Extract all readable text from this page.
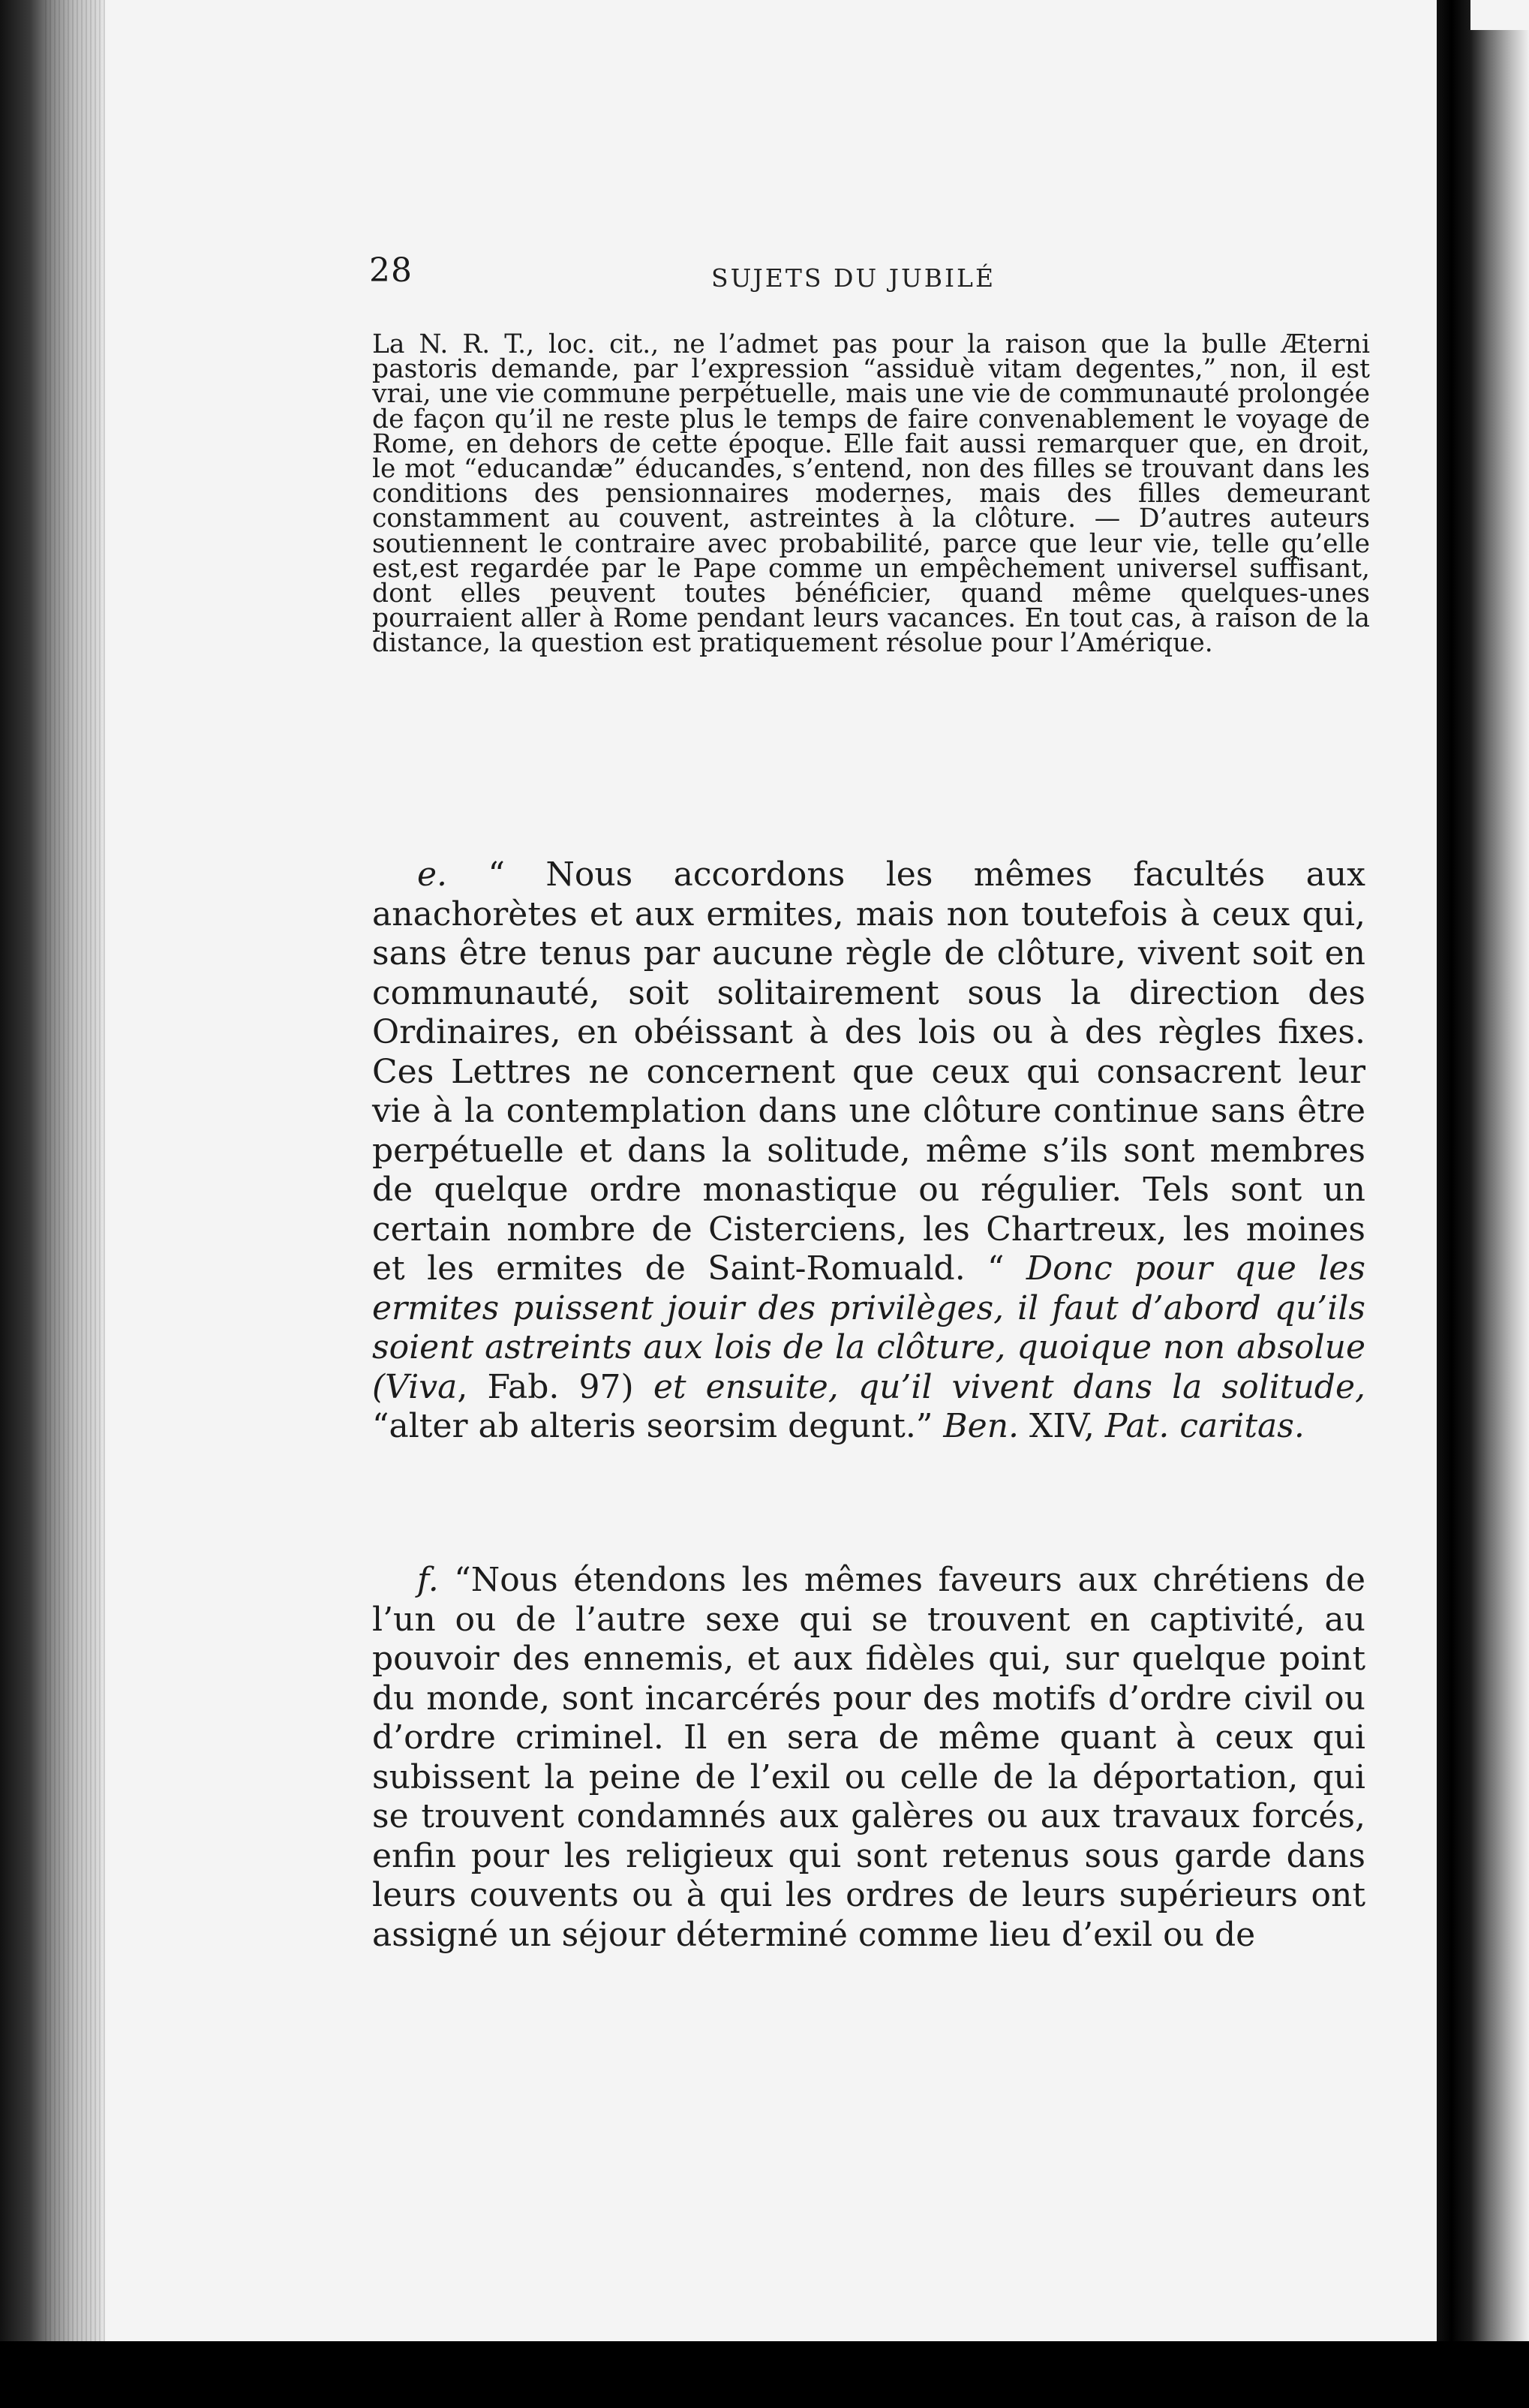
28	SUJETS DU JUBILÉ

La N. R. T., loc. cit., ne l’admet pas pour la raison que la bulle Æterni pastoris demande, par l’expression “assiduè vitam degentes,” non, il est vrai, une vie commune perpétuelle, mais une vie de communauté prolongée de façon qu’il ne reste plus le temps de faire convenablement le voyage de Rome, en dehors de cette époque. Elle fait aussi remarquer que, en droit, le mot “educandæ” éducandes, s’entend, non des filles se trouvant dans les conditions des pensionnaires modernes, mais des filles demeurant constamment au couvent, astreintes à la clôture. — D’autres auteurs soutiennent le contraire avec probabilité, parce que leur vie, telle qu’elle est,est regardée par le Pape comme un empêchement universel suffisant, dont elles peuvent toutes bénéficier, quand même quelques-unes pourraient aller à Rome pendant leurs vacances. En tout cas, à raison de la distance, la question est pratiquement résolue pour l’Amérique.

e. “ Nous accordons les mêmes facultés aux anachorètes et aux ermites, mais non toutefois à ceux qui, sans être tenus par aucune règle de clôture, vivent soit en communauté, soit solitairement sous la direction des Ordinaires, en obéissant à des lois ou à des règles fixes. Ces Lettres ne concernent que ceux qui consacrent leur vie à la contemplation dans une clôture continue sans être perpétuelle et dans la solitude, même s’ils sont membres de quelque ordre monastique ou régulier. Tels sont un certain nombre de Cisterciens, les Chartreux, les moines et les ermites de Saint-Romuald. “ Donc pour que les ermites puissent jouir des privilèges, il faut d’abord qu’ils soient astreints aux lois de la clôture, quoique non absolue (Viva, Fab. 97) et ensuite, qu’il vivent dans la solitude, “alter ab alteris seorsim degunt.” Ben. XIV, Pat. caritas.

f. “Nous étendons les mêmes faveurs aux chrétiens de l’un ou de l’autre sexe qui se trouvent en captivité, au pouvoir des ennemis, et aux fidèles qui, sur quelque point du monde, sont incarcérés pour des motifs d’ordre civil ou d’ordre criminel. Il en sera de même quant à ceux qui subissent la peine de l’exil ou celle de la déportation, qui se trouvent condamnés aux galères ou aux travaux forcés, enfin pour les religieux qui sont retenus sous garde dans leurs couvents ou à qui les ordres de leurs supérieurs ont assigné un séjour déterminé comme lieu d’exil ou de
